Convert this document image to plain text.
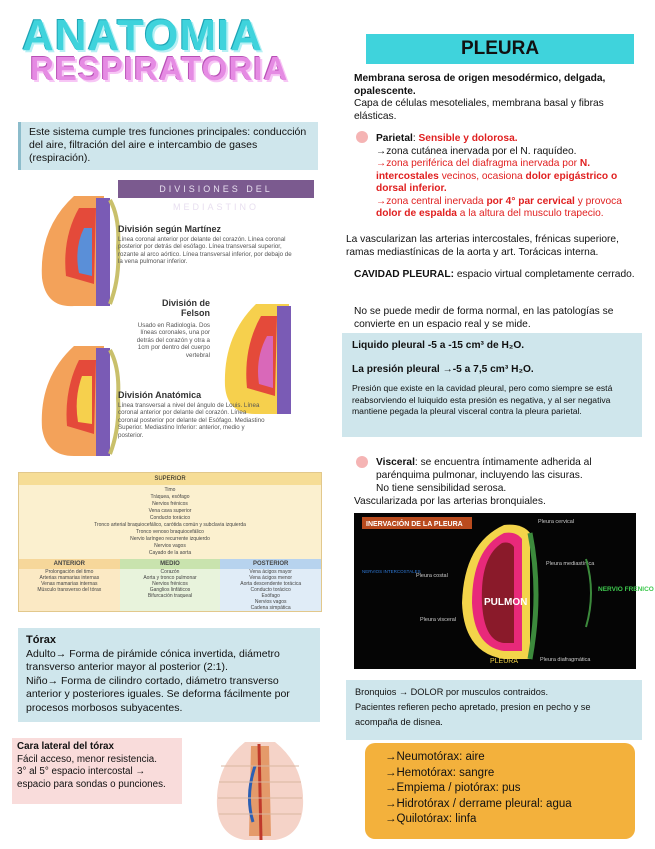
ANATOMIA
RESPIRATORIA
Este sistema cumple tres funciones principales: conducción del aire, filtración del aire e intercambio de gases (respiración).
DIVISIONES DEL MEDIASTINO
División según Martínez
Línea coronal anterior por delante del corazón. Línea coronal posterior por detrás del esófago. Línea transversal superior, rozante al arco aórtico. Línea transversal inferior, por debajo de la vena pulmonar inferior.
División de Felson
Usado en Radiología. Dos líneas coronales, una por detrás del corazón y otra a 1cm por dentro del cuerpo vertebral
División Anatómica
Línea transversal a nivel del ángulo de Louis. Línea coronal anterior por delante del corazón. Línea coronal posterior por delante del Esófago. Mediastino Superior. Mediastino Inferior: anterior, medio y posterior.
SUPERIOR
Timo
Tráquea, esófago
Nervios frénicos
Vena cava superior
Conducto torácico
Tronco arterial braquiocefálico, carótida común y subclavia izquierda
Tronco venoso braquiocefálico
Nervio laríngeo recurrente izquierdo
Nervios vagos
Cayado de la aorta
ANTERIOR
Prolongación del timo
Arterias mamarias internas
Venas mamarias internas
Músculo transverso del tórax
MEDIO
Corazón
Aorta y tronco pulmonar
Nervios frénicos
Ganglios linfáticos
Bifurcación traqueal
POSTERIOR
Vena ácigos mayor
Vena ácigos menor
Aorta descendente torácica
Conducto torácico
Esófago
Nervios vagos
Cadena simpática
Tórax
Adulto→ Forma de pirámide cónica invertida, diámetro transverso anterior mayor al posterior (2:1).
Niño→ Forma de cilindro cortado, diámetro transverso anterior y posteriores iguales. Se deforma fácilmente por procesos morbosos subyacentes.
Cara lateral del tórax
Fácil acceso, menor resistencia.
3° al 5° espacio intercostal →
espacio para sondas o punciones.
PLEURA
Membrana serosa de origen mesodérmico, delgada, opalescente.
Capa de células mesoteliales, membrana basal y fibras elásticas.
Parietal: Sensible y dolorosa.
→zona cutánea inervada por el N. raquídeo.
→zona periférica del diafragma inervada por N. intercostales vecinos, ocasiona dolor epigástrico o dorsal inferior.
→zona central inervada por 4° par cervical y provoca dolor de espalda a la altura del musculo trapecio.
La vascularizan las arterias intercostales, frénicas superiore, ramas mediastínicas de la aorta y art. Torácicas interna.
CAVIDAD PLEURAL: espacio virtual completamente cerrado.
No se puede medir de forma normal, en las patologías se convierte en un espacio real y se mide.
Liquido pleural -5 a -15 cm³ de H₂O.
La presión pleural →-5 a 7,5 cm³ H₂O.
Presión que existe en la cavidad pleural, pero como siempre se está reabsorviendo el luiquido esta presión es negativa, y al ser negativa mantiene pegada la pleural visceral contra la pleura parietal.
Visceral: se encuentra íntimamente adherida al parénquima pulmonar, incluyendo las cisuras.
No tiene sensibilidad serosa.
Vascularizada por las arterias bronquiales.
INERVACIÓN DE LA PLEURA
PULMON
Pleura cervical
Pleura mediastínica
Pleura costal
Pleura visceral
Pleura diafragmática
NERVIOS INTERCOSTALES
PLEURA
NERVIO FRENICO
Bronquios → DOLOR por musculos contraidos.
Pacientes refieren pecho apretado, presion en pecho y se acompaña de disnea.
→Neumotórax: aire
→Hemotórax: sangre
→Empiema / piotórax: pus
→Hidrotórax / derrame pleural: agua
→Quilotórax: linfa
